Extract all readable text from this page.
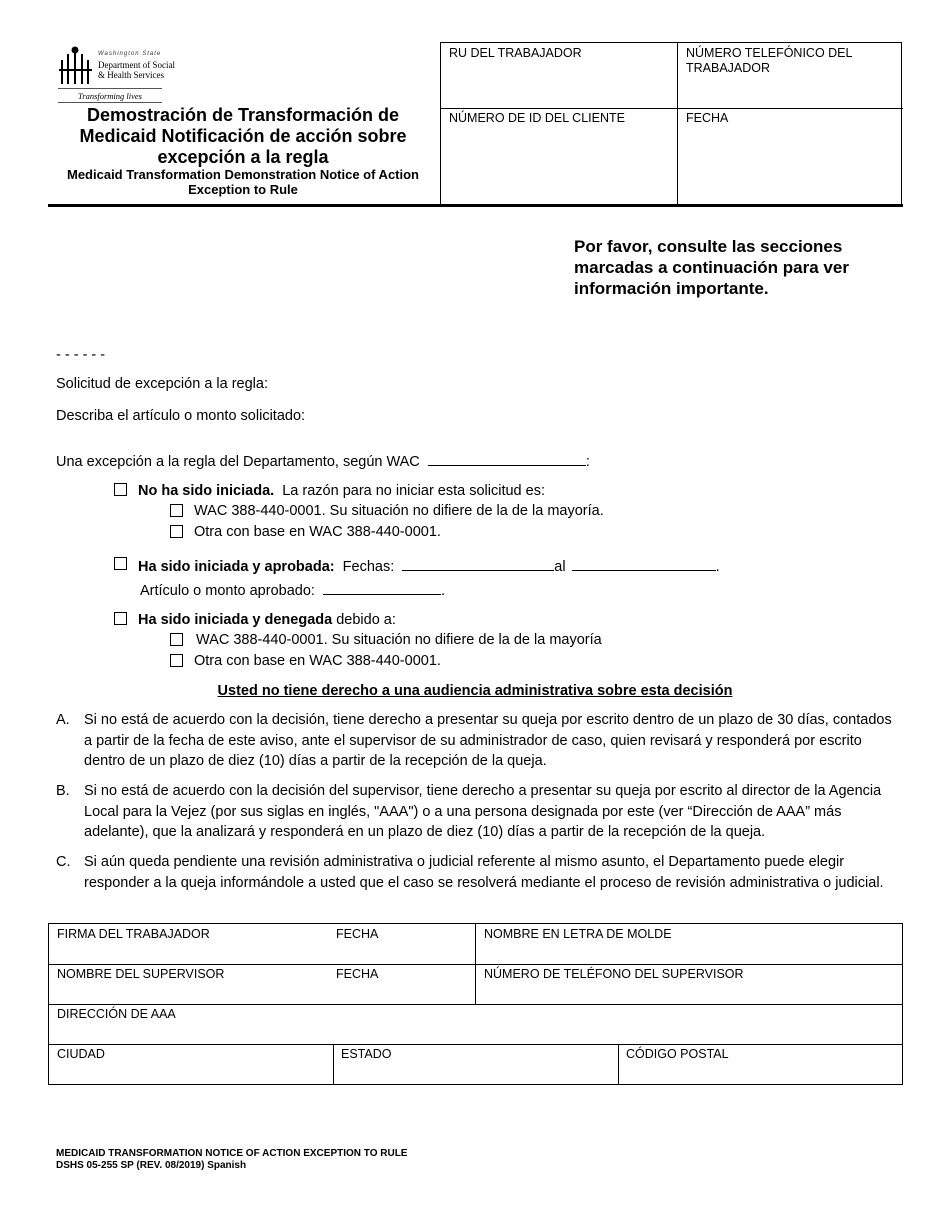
Washington State
Department of Social
& Health Services
Transforming lives
Demostración de Transformación de Medicaid Notificación de acción sobre excepción a la regla
Medicaid Transformation Demonstration Notice of Action Exception to Rule
RU DEL TRABAJADOR	NÚMERO TELEFÓNICO DEL TRABAJADOR
NÚMERO DE ID DEL CLIENTE	FECHA
Por favor, consulte las secciones marcadas a continuación para ver información importante.
- - - - - -
Solicitud de excepción a la regla:
Describa el artículo o monto solicitado:
Una excepción a la regla del Departamento, según WAC	:
No ha sido iniciada. La razón para no iniciar esta solicitud es:
WAC 388-440-0001. Su situación no difiere de la de la mayoría.
Otra con base en WAC 388-440-0001.
Ha sido iniciada y aprobada: Fechas:	al	.
Artículo o monto aprobado:	.
Ha sido iniciada y denegada debido a:
WAC 388-440-0001. Su situación no difiere de la de la mayoría
Otra con base en WAC 388-440-0001.
Usted no tiene derecho a una audiencia administrativa sobre esta decisión
A. Si no está de acuerdo con la decisión, tiene derecho a presentar su queja por escrito dentro de un plazo de 30 días, contados a partir de la fecha de este aviso, ante el supervisor de su administrador de caso, quien revisará y responderá por escrito dentro de un plazo de diez (10) días a partir de la recepción de la queja.
B. Si no está de acuerdo con la decisión del supervisor, tiene derecho a presentar su queja por escrito al director de la Agencia Local para la Vejez (por sus siglas en inglés, "AAA") o a una persona designada por este (ver “Dirección de AAA” más adelante), que la analizará y responderá en un plazo de diez (10) días a partir de la recepción de la queja.
C. Si aún queda pendiente una revisión administrativa o judicial referente al mismo asunto, el Departamento puede elegir responder a la queja informándole a usted que el caso se resolverá mediante el proceso de revisión administrativa o judicial.
FIRMA DEL TRABAJADOR	FECHA	NOMBRE EN LETRA DE MOLDE
NOMBRE DEL SUPERVISOR	FECHA	NÚMERO DE TELÉFONO DEL SUPERVISOR
DIRECCIÓN DE AAA
CIUDAD	ESTADO	CÓDIGO POSTAL
MEDICAID TRANSFORMATION NOTICE OF ACTION EXCEPTION TO RULE
DSHS 05-255 SP (REV. 08/2019) Spanish
